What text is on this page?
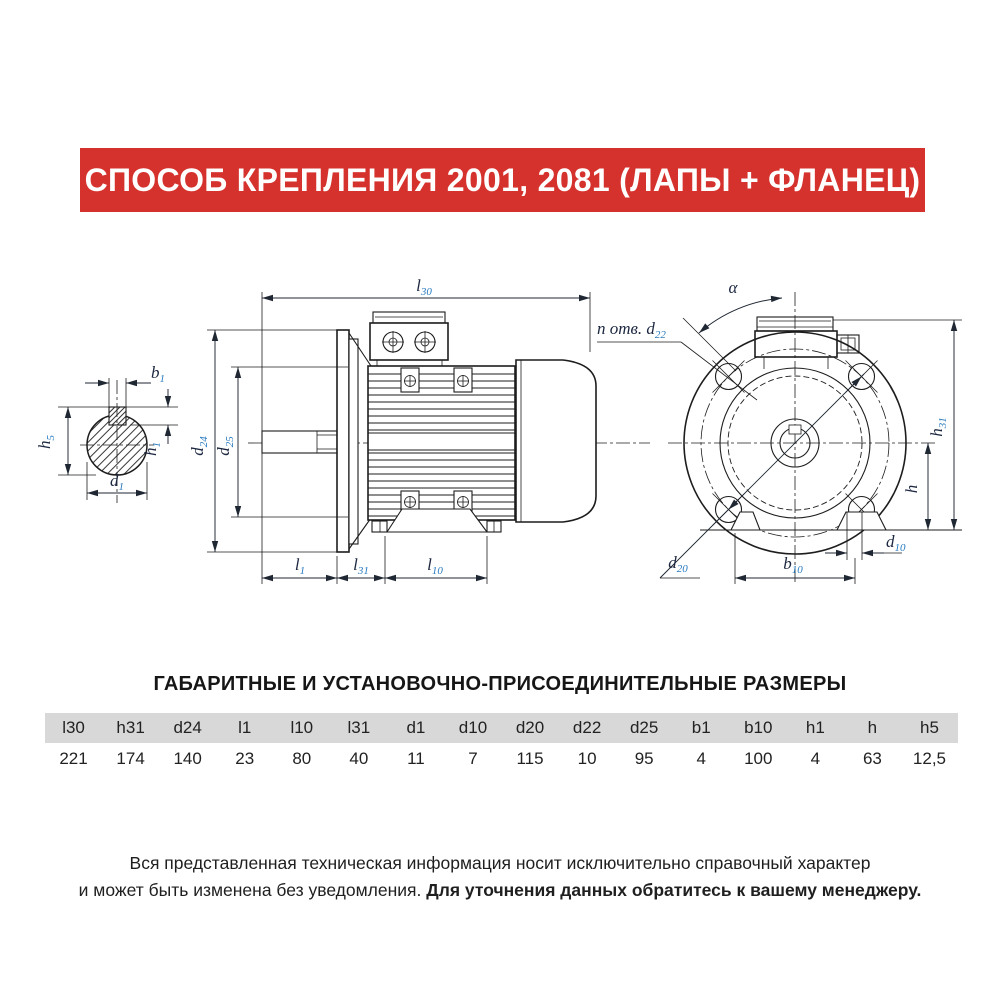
СПОСОБ КРЕПЛЕНИЯ 2001, 2081 (ЛАПЫ + ФЛАНЕЦ)
$b_1$
$h_5$
$h_1$
$d_1$
$l_{30}$
$d_{24}$
$d_{25}$
$l_1$	$l_{31}$	$l_{10}$
α
n отв. $d_{22}$
$d_{20}$
$h_{31}$
h
$d_{10}$
$b_{10}$
ГАБАРИТНЫЕ И УСТАНОВОЧНО-ПРИСОЕДИНИТЕЛЬНЫЕ РАЗМЕРЫ
l30	h31	d24	l1	l10	l31	d1	d10	d20	d22	d25	b1	b10	h1	h	h5
221	174	140	23	80	40	11	7	115	10	95	4	100	4	63	12,5
Вся представленная техническая информация носит исключительно справочный характер
и может быть изменена без уведомления. Для уточнения данных обратитесь к вашему менеджеру.
